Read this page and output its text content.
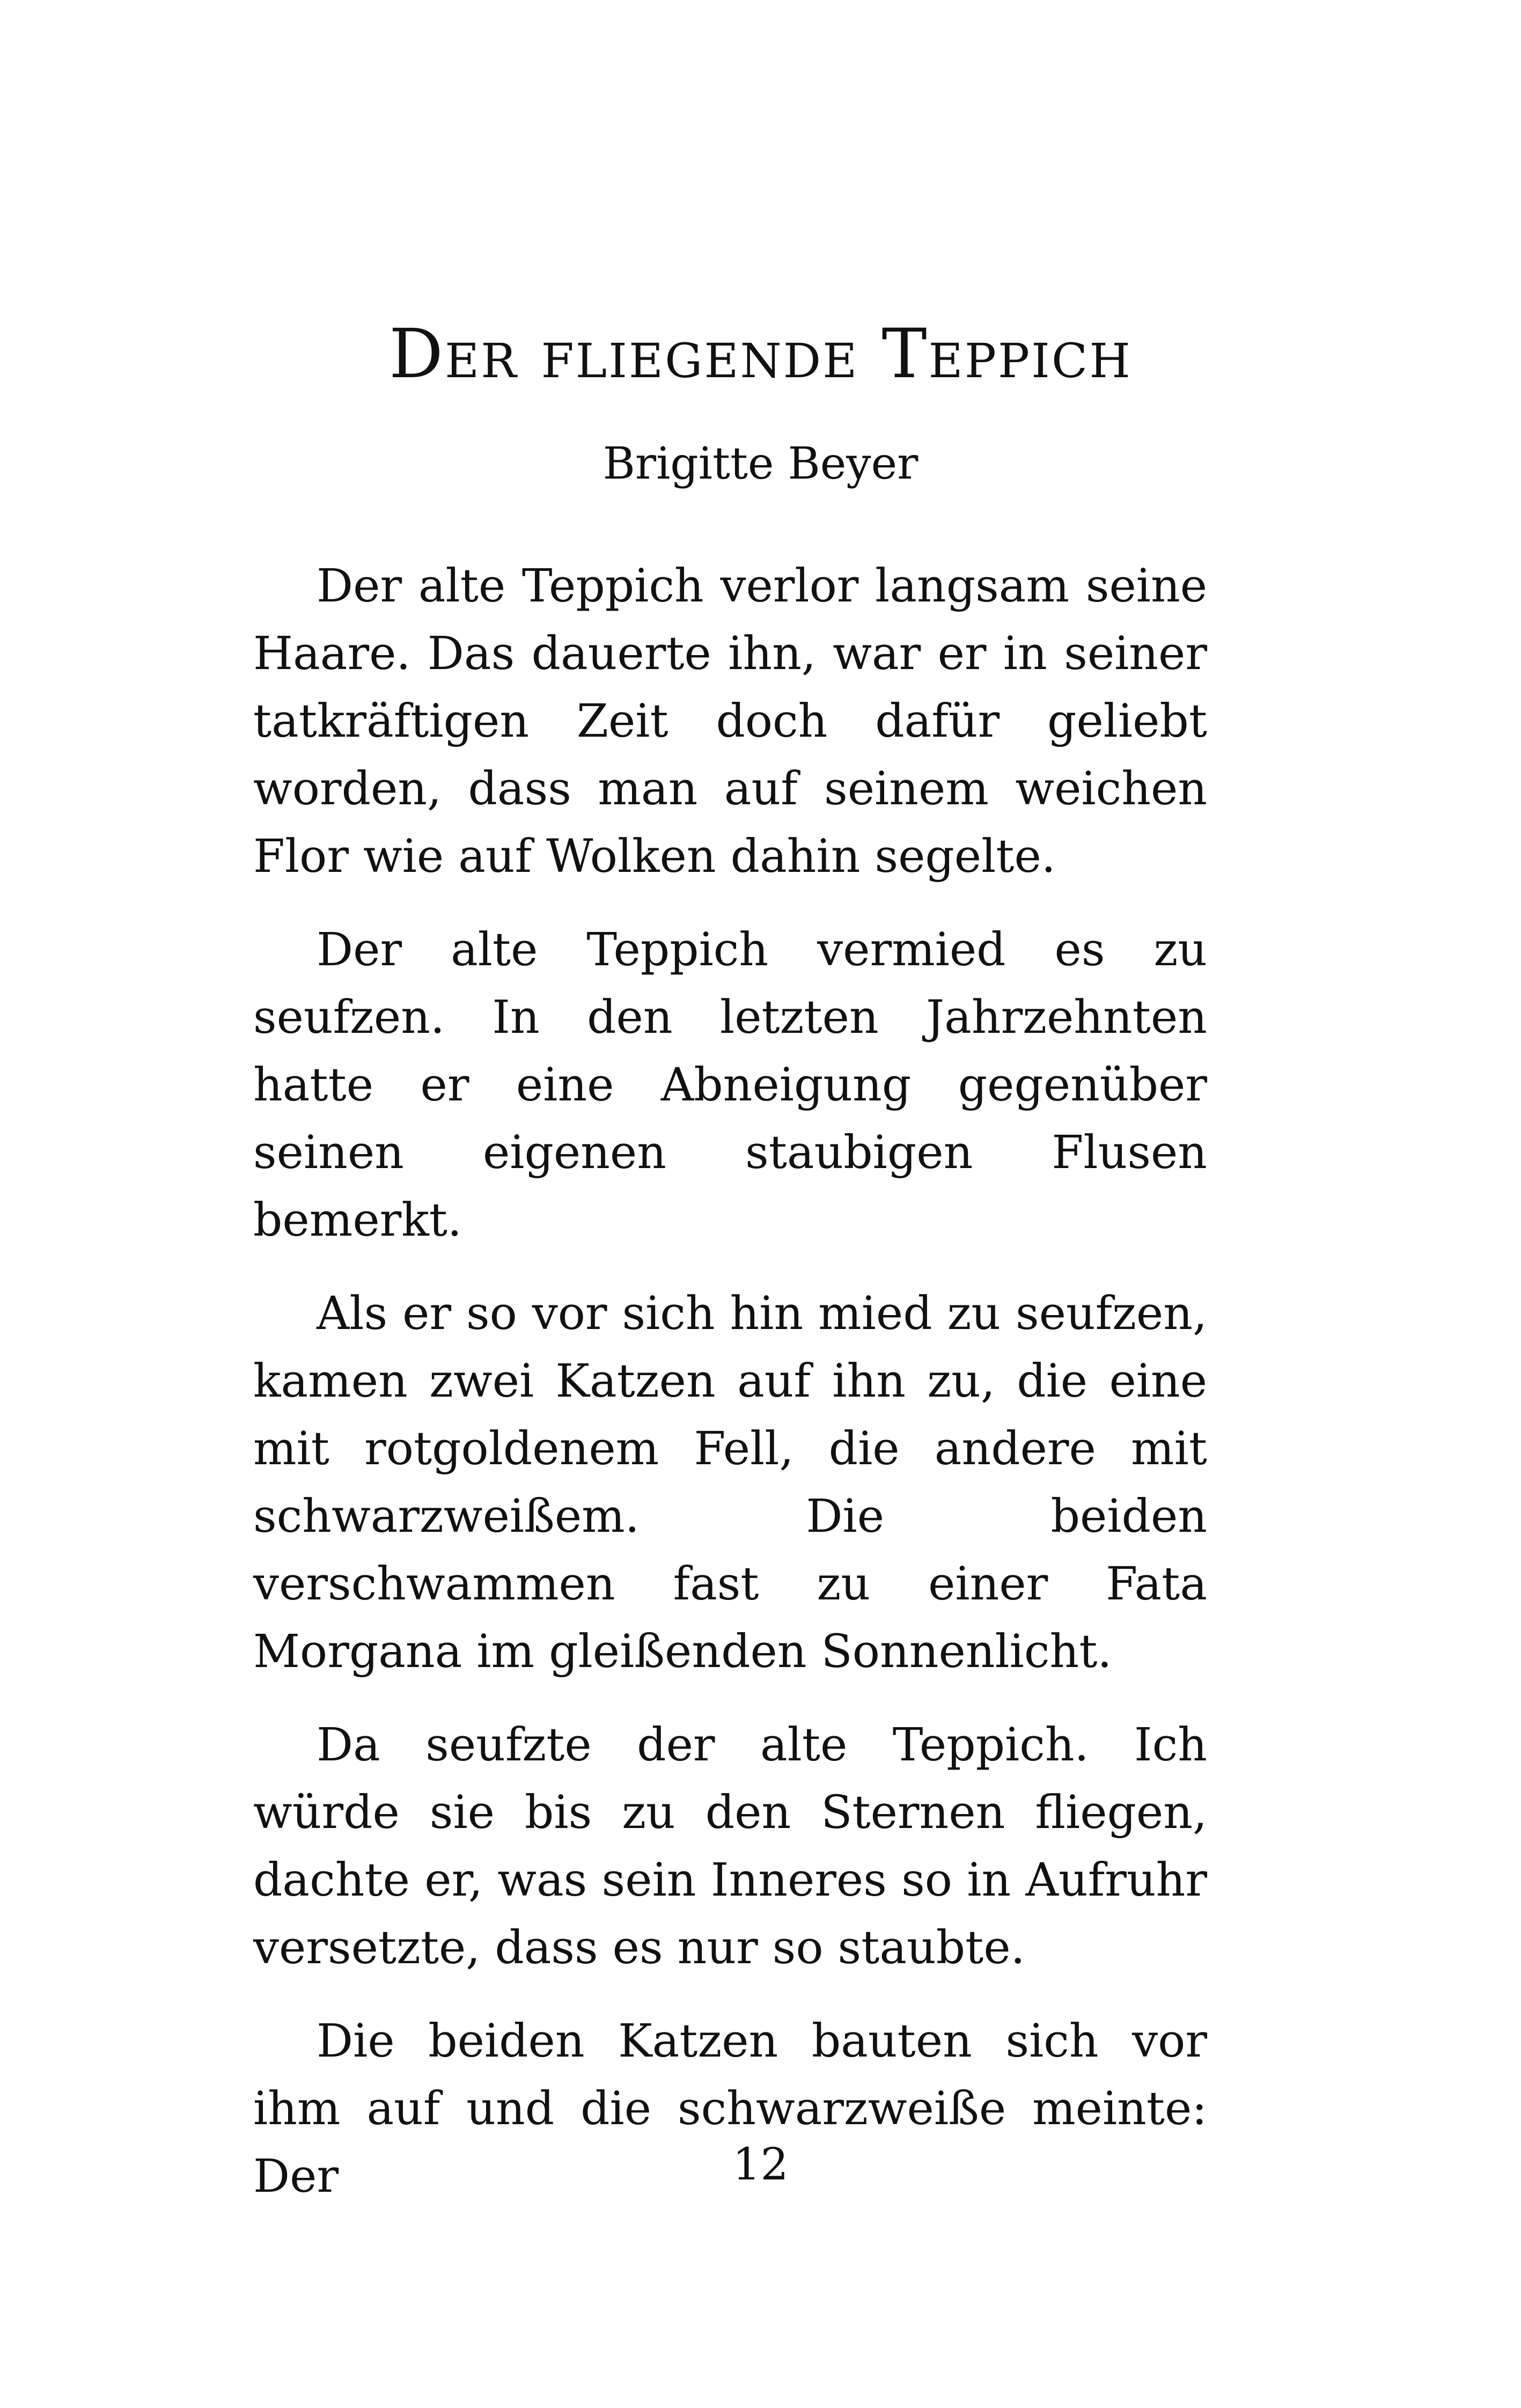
Der fliegende Teppich

Brigitte Beyer

Der alte Teppich verlor langsam seine Haare. Das dauerte ihn, war er in seiner tatkräftigen Zeit doch dafür geliebt worden, dass man auf seinem weichen Flor wie auf Wolken dahin segelte.

Der alte Teppich vermied es zu seufzen. In den letzten Jahrzehnten hatte er eine Abneigung gegenüber seinen eigenen staubigen Flusen bemerkt.

Als er so vor sich hin mied zu seufzen, kamen zwei Katzen auf ihn zu, die eine mit rotgoldenem Fell, die andere mit schwarzweißem. Die beiden verschwammen fast zu einer Fata Morgana im gleißenden Sonnenlicht.

Da seufzte der alte Teppich. Ich würde sie bis zu den Sternen fliegen, dachte er, was sein Inneres so in Aufruhr versetzte, dass es nur so staubte.

Die beiden Katzen bauten sich vor ihm auf und die schwarzweiße meinte: Der	12
